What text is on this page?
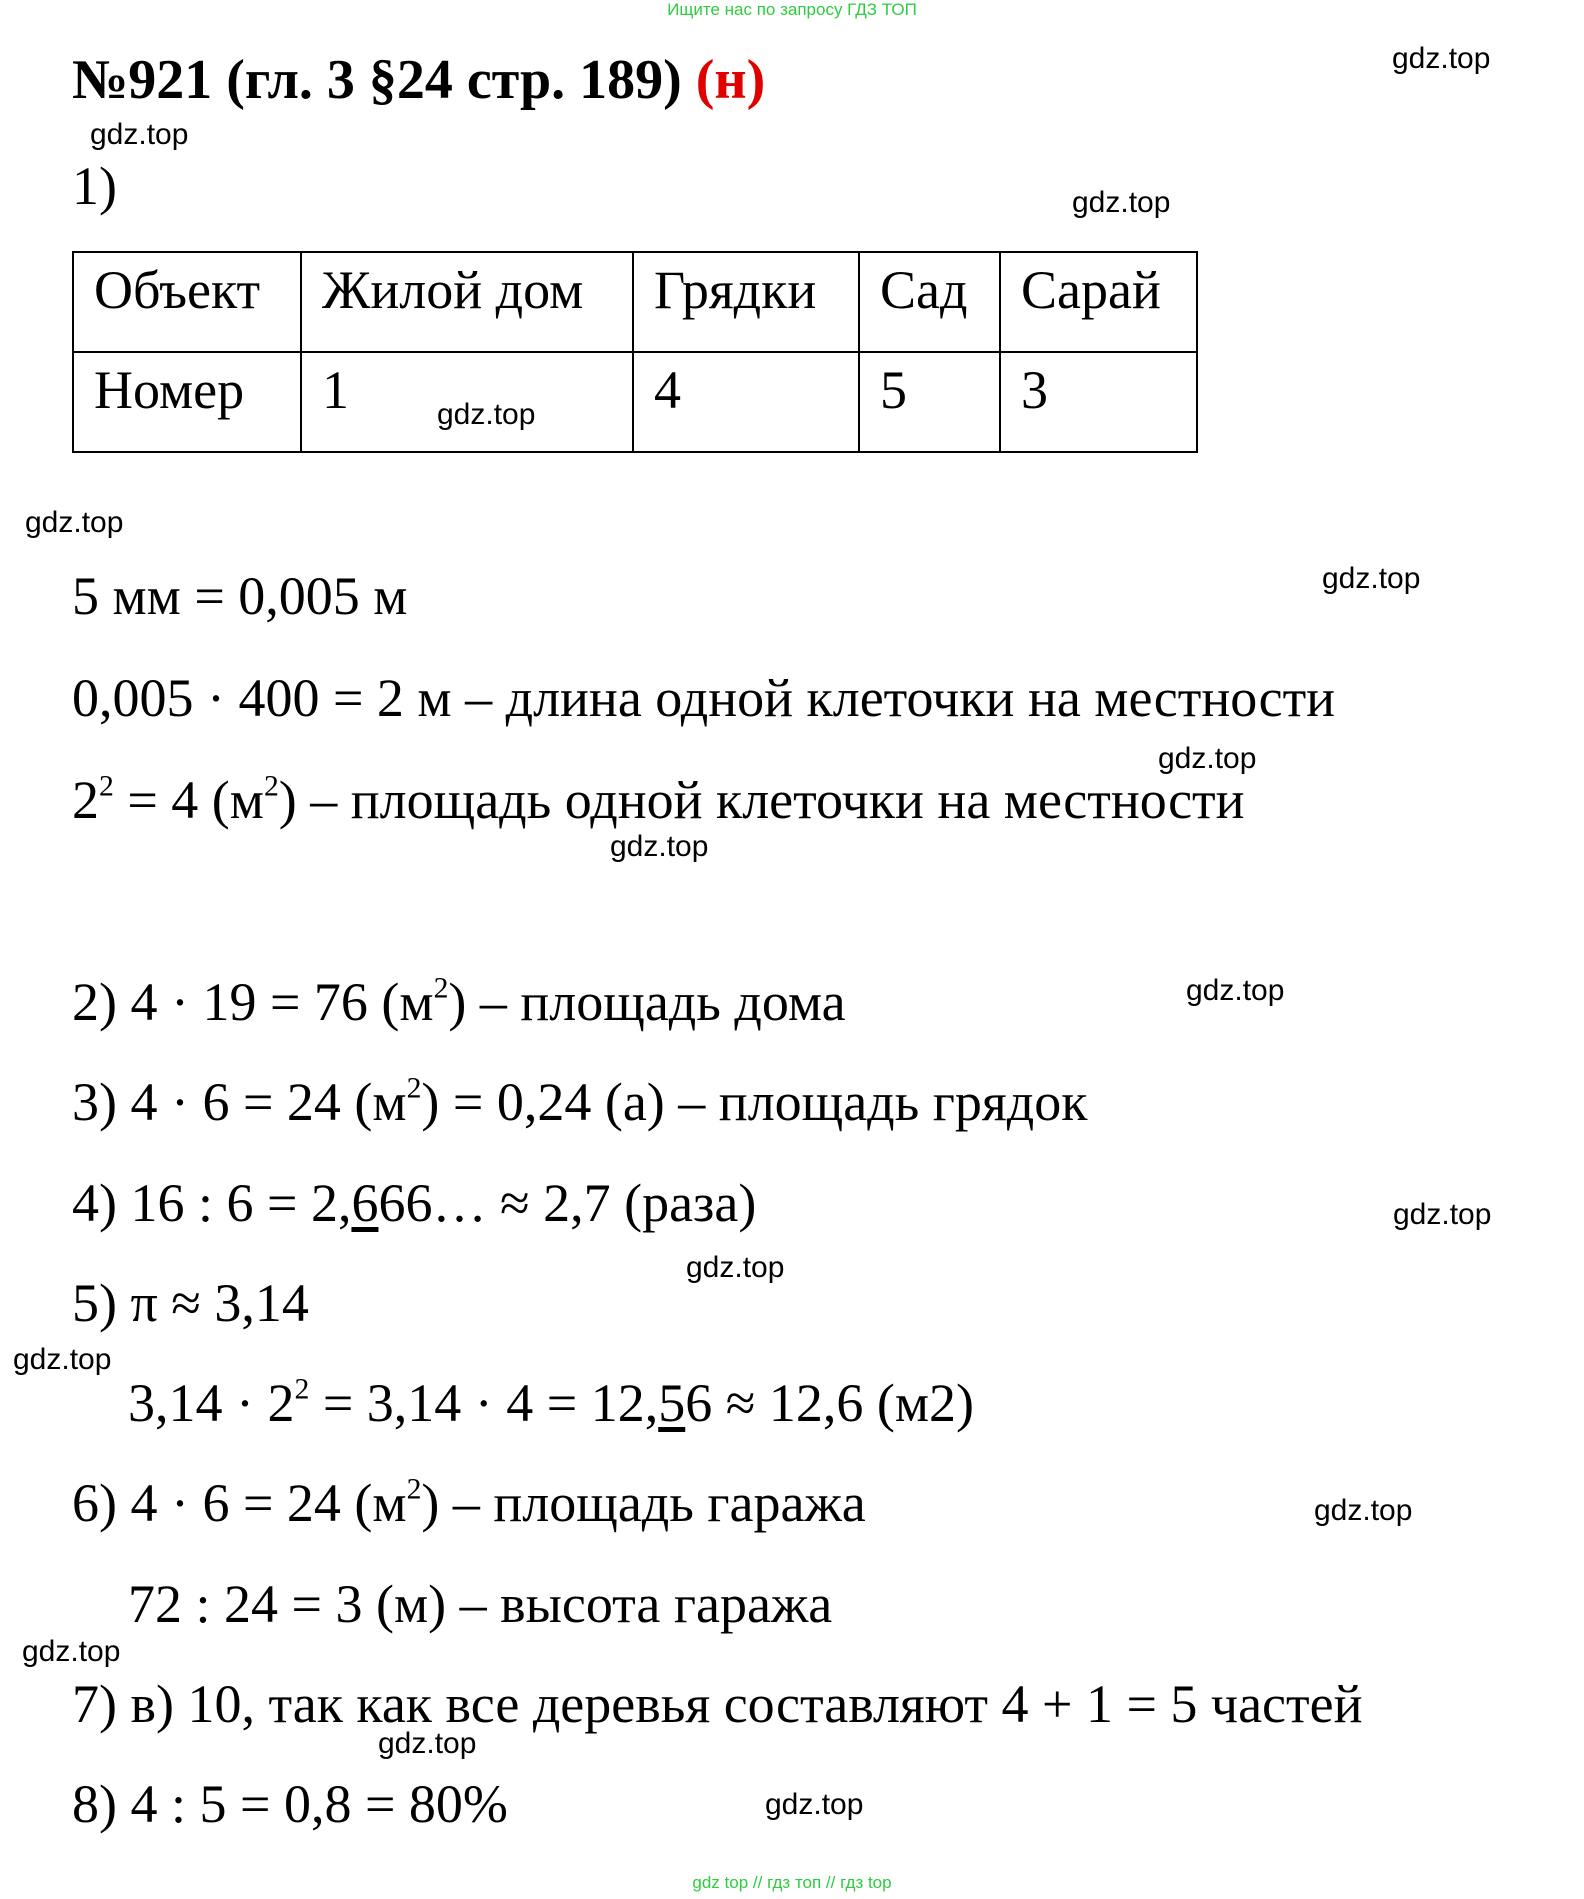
Ищите нас по запросу ГДЗ ТОП
№921 (гл. 3 §24 стр. 189) (н)
1)
Объект	Жилой дом	Грядки	Сад	Сарай
Номер	1	4	5	3
5 мм = 0,005 м
0,005 · 400 = 2 м – длина одной клеточки на местности
$2^2 = 4$ $(м^2)$ – площадь одной клеточки на местности
2) 4 · 19 = 76 $(м^2)$ – площадь дома
3) 4 · 6 = 24 $(м^2) = 0,24$ (а) – площадь грядок
4) 16 : 6 = 2,666… ≈ 2,7 (раза)
5) π ≈ 3,14
$3,14 \cdot 2^2 = 3,14 \cdot 4 = 12,56 \approx 12,6$ (м2)
6) 4 · 6 = 24 $(м^2)$ – площадь гаража
72 : 24 = 3 (м) – высота гаража
7) в) 10, так как все деревья составляют 4 + 1 = 5 частей
8) 4 : 5 = 0,8 = 80%
gdz.top
gdz.top
gdz.top
gdz.top
gdz.top
gdz.top
gdz.top
gdz.top
gdz.top
gdz.top
gdz.top
gdz.top
gdz.top
gdz.top
gdz.top
gdz.top
gdz top // гдз топ // гдз top
